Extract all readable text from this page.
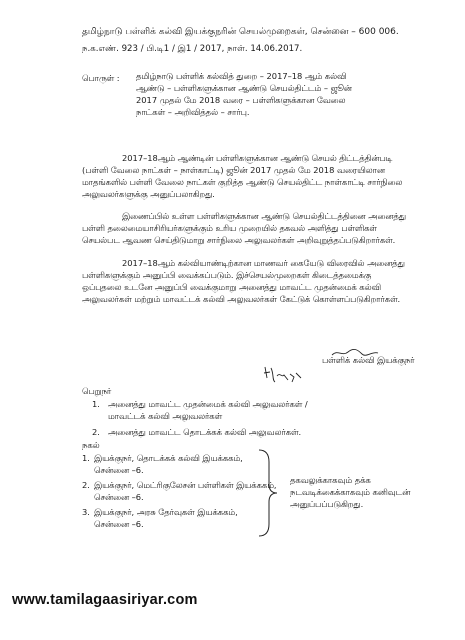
தமிழ்நாடு பள்ளிக் கல்வி இயக்குநரின் செயல்முறைகள், சென்னை – 600 006.
ந.க.எண். 923 / பி.டி1 / இ1 / 2017, நாள். 14.06.2017.
பொருள் : தமிழ்நாடு பள்ளிக் கல்வித் துறை – 2017–18 ஆம் கல்வி
ஆண்டு – பள்ளிகளுக்கான ஆண்டு செயல்திட்டம் – ஜூன்
2017 முதல் மே 2018 வரை – பள்ளிகளுக்கான வேலை
நாட்கள் – அறிவித்தல் – சார்பு.
2017–18ஆம் ஆண்டின் பள்ளிகளுக்கான ஆண்டு செயல் திட்டத்தின்படி
(பள்ளி வேலை நாட்கள் – நாள்காட்டி) ஜூன் 2017 முதல் மே 2018 வரையிலான
மாதங்களில் பள்ளி வேலை நாட்கள் குறித்த ஆண்டு செயல்திட்ட நாள்காட்டி சார்நிலை
அலுவலர்களுக்கு அனுப்பலாகிறது.
இணைப்பில் உள்ள பள்ளிகளுக்கான ஆண்டு செயல்திட்டத்தினை அனைத்து
பள்ளி தலைமையாசிரியர்களுக்கும் உரிய முறையில் தகவல் அளித்து பள்ளிகள்
செயல்பட ஆவண செய்திடுமாறு சார்நிலை அலுவலர்கள் அறிவுறுத்தப்படுகிறார்கள்.
2017–18ஆம் கல்வியாண்டிற்கான மாணவர் கையேடு விரைவில் அனைத்து
பள்ளிகளுக்கும் அனுப்பி வைக்கப்படும். இச்செயல்முறைகள் கிடைத்தமைக்கு
ஒப்புதலை உடனே அனுப்பி வைக்குமாறு அனைத்து மாவட்ட முதன்மைக் கல்வி
அலுவலர்கள் மற்றும் மாவட்டக் கல்வி அலுவலர்கள் கேட்டுக் கொள்ளப்படுகிறார்கள்.
பள்ளிக் கல்வி இயக்குநர்
பெறுநர்
1. அனைத்து மாவட்ட முதன்மைக் கல்வி அலுவலர்கள் /
மாவட்டக் கல்வி அலுவலர்கள்
2. அனைத்து மாவட்ட தொடக்கக் கல்வி அலுவலர்கள்.
நகல்
1. இயக்குநர், தொடக்கக் கல்வி இயக்ககம்,
சென்னை –6.
2. இயக்குநர், மெட்ரிகுலேசன் பள்ளிகள் இயக்ககம்,
சென்னை –6.
3. இயக்குநர், அரசு தேர்வுகள் இயக்ககம்,
சென்னை –6.
தகவலுக்காகவும் தக்க
நடவடிக்கைக்காகவும் கனிவுடன்
அனுப்பப்படுகிறது.
www.tamilagaasiriyar.com
